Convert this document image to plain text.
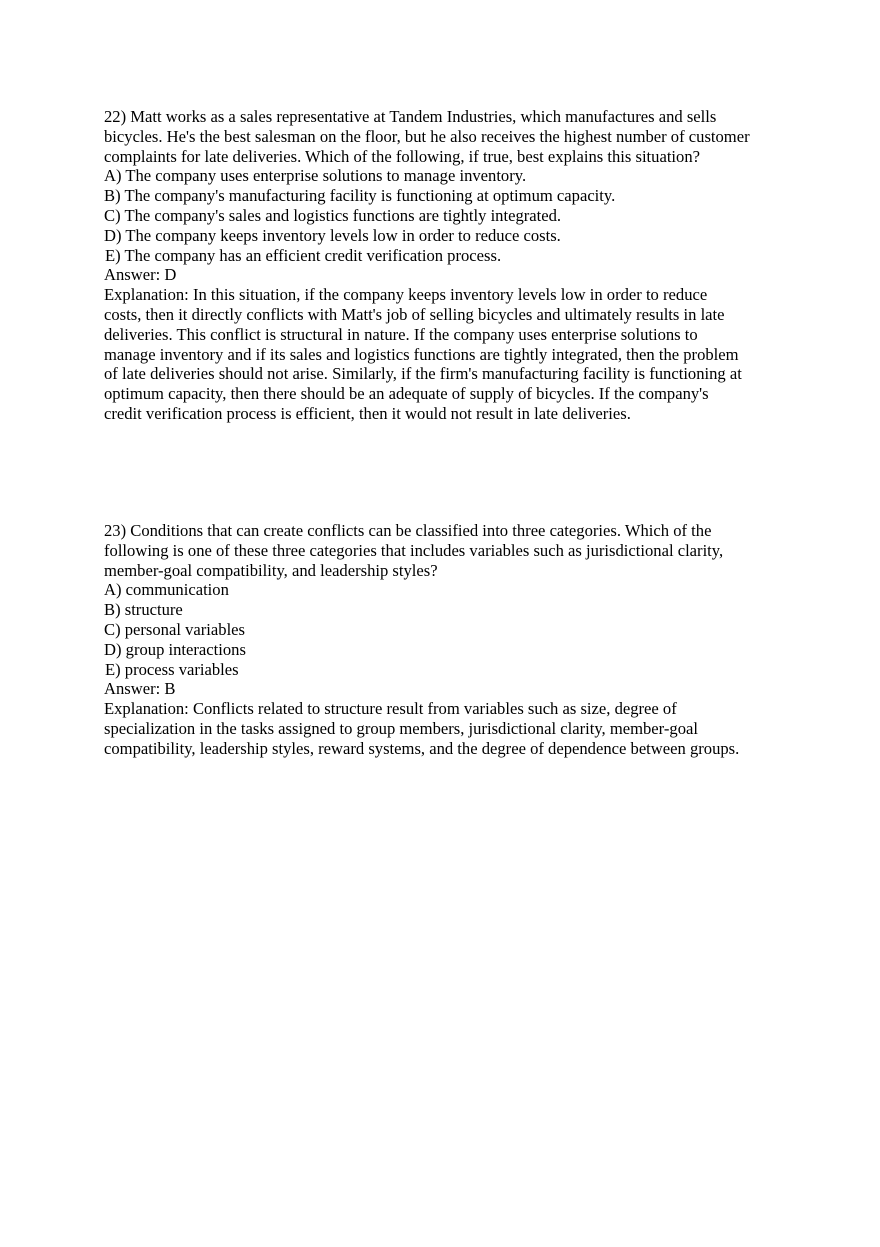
22) Matt works as a sales representative at Tandem Industries, which manufactures and sells
bicycles. He's the best salesman on the floor, but he also receives the highest number of customer
complaints for late deliveries. Which of the following, if true, best explains this situation?
A) The company uses enterprise solutions to manage inventory.
B) The company's manufacturing facility is functioning at optimum capacity.
C) The company's sales and logistics functions are tightly integrated.
D) The company keeps inventory levels low in order to reduce costs.
E) The company has an efficient credit verification process.
Answer: D
Explanation: In this situation, if the company keeps inventory levels low in order to reduce
costs, then it directly conflicts with Matt's job of selling bicycles and ultimately results in late
deliveries. This conflict is structural in nature. If the company uses enterprise solutions to
manage inventory and if its sales and logistics functions are tightly integrated, then the problem
of late deliveries should not arise. Similarly, if the firm's manufacturing facility is functioning at
optimum capacity, then there should be an adequate of supply of bicycles. If the company's
credit verification process is efficient, then it would not result in late deliveries.
23) Conditions that can create conflicts can be classified into three categories. Which of the
following is one of these three categories that includes variables such as jurisdictional clarity,
member-goal compatibility, and leadership styles?
A) communication
B) structure
C) personal variables
D) group interactions
E) process variables
Answer: B
Explanation: Conflicts related to structure result from variables such as size, degree of
specialization in the tasks assigned to group members, jurisdictional clarity, member-goal
compatibility, leadership styles, reward systems, and the degree of dependence between groups.
